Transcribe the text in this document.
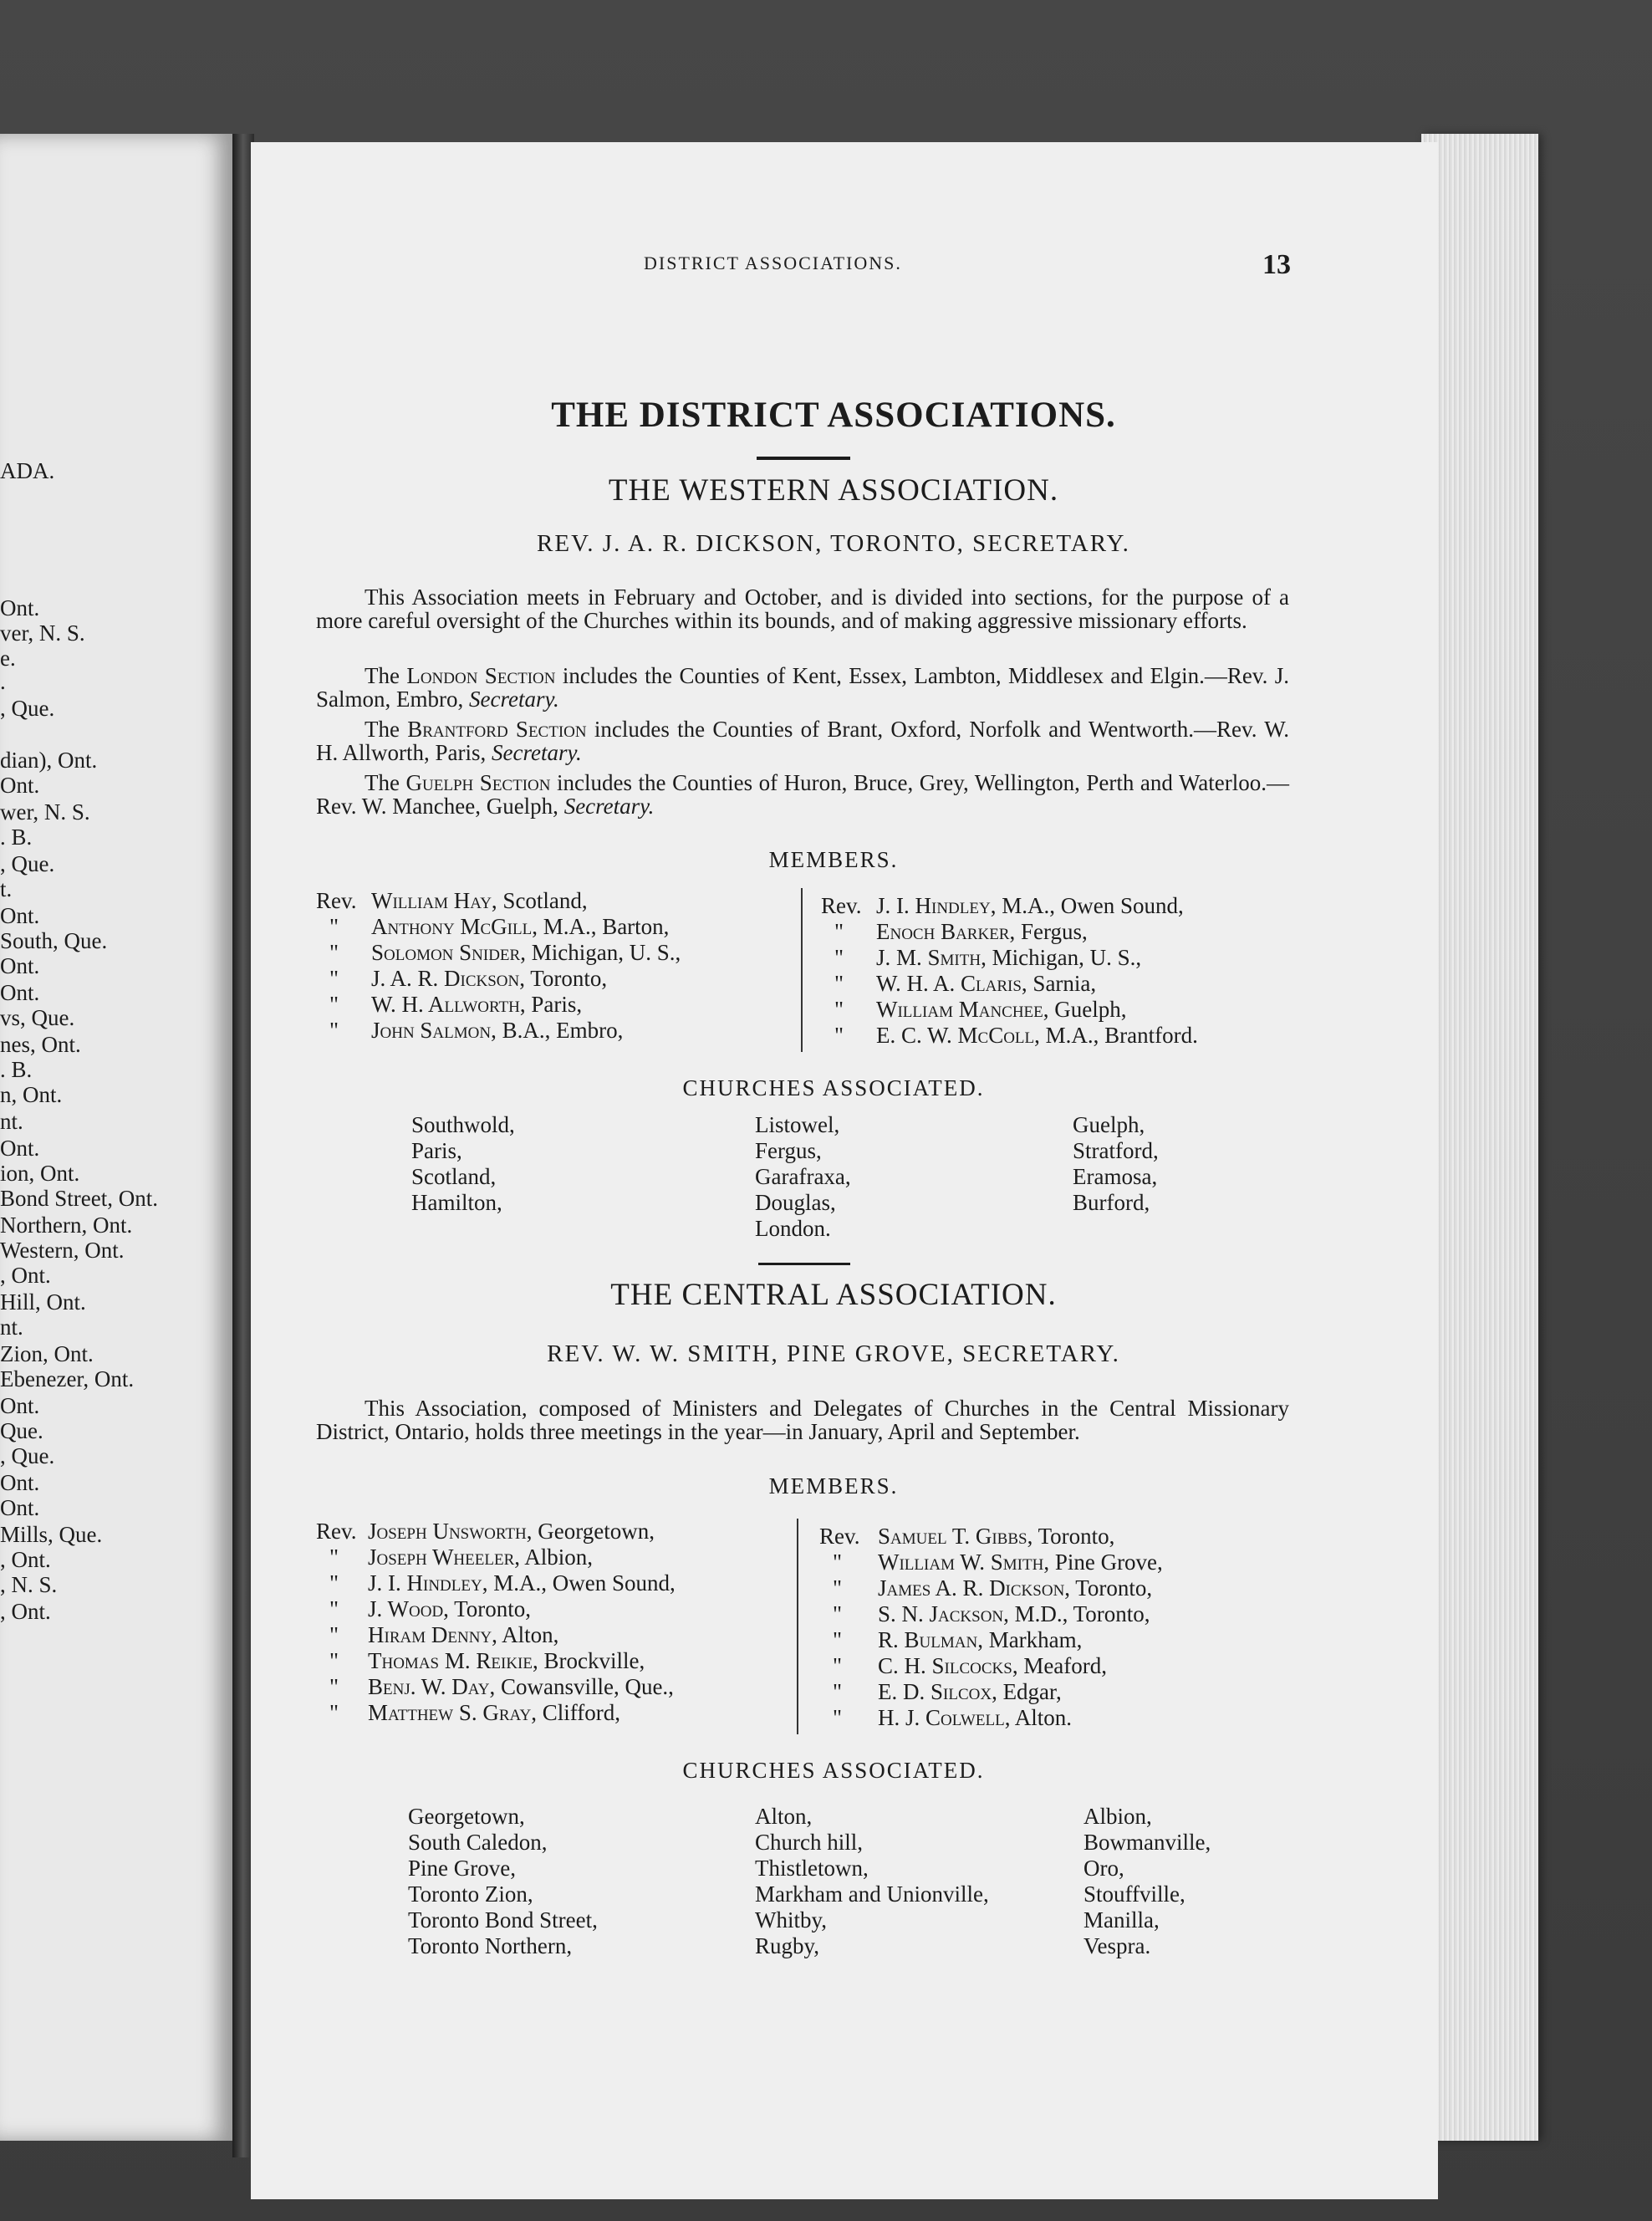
ADA.
Ont.
ver, N. S.
e.
.
, Que.
dian), Ont.
Ont.
wer, N. S.
. B.
, Que.
t.
Ont.
South, Que.
Ont.
Ont.
vs, Que.
nes, Ont.
. B.
n, Ont.
nt.
Ont.
ion, Ont.
Bond Street, Ont.
Northern, Ont.
Western, Ont.
, Ont.
Hill, Ont.
nt.
Zion, Ont.
Ebenezer, Ont.
Ont.
Que.
, Que.
Ont.
Ont.
Mills, Que.
, Ont.
, N. S.
, Ont.
DISTRICT ASSOCIATIONS.	13
THE DISTRICT ASSOCIATIONS.
THE WESTERN ASSOCIATION.
REV. J. A. R. DICKSON, TORONTO, SECRETARY.
This Association meets in February and October, and is divided into sections, for the purpose of a more careful oversight of the Churches within its bounds, and of making aggressive missionary efforts.
The London Section includes the Counties of Kent, Essex, Lambton, Middlesex and Elgin.—Rev. J. Salmon, Embro, Secretary.
The Brantford Section includes the Counties of Brant, Oxford, Norfolk and Wentworth.—Rev. W. H. Allworth, Paris, Secretary.
The Guelph Section includes the Counties of Huron, Bruce, Grey, Wellington, Perth and Waterloo.—Rev. W. Manchee, Guelph, Secretary.
MEMBERS.
Rev. William Hay, Scotland,
" Anthony McGill, M.A., Barton,
" Solomon Snider, Michigan, U. S.,
" J. A. R. Dickson, Toronto,
" W. H. Allworth, Paris,
" John Salmon, B.A., Embro,
Rev. J. I. Hindley, M.A., Owen Sound,
" Enoch Barker, Fergus,
" J. M. Smith, Michigan, U. S.,
" W. H. A. Claris, Sarnia,
" William Manchee, Guelph,
" E. C. W. McColl, M.A., Brantford.
CHURCHES ASSOCIATED.
Southwold,
Paris,
Scotland,
Hamilton,
Listowel,
Fergus,
Garafraxa,
Douglas,
London.
Guelph,
Stratford,
Eramosa,
Burford,
THE CENTRAL ASSOCIATION.
REV. W. W. SMITH, PINE GROVE, SECRETARY.
This Association, composed of Ministers and Delegates of Churches in the Central Missionary District, Ontario, holds three meetings in the year—in January, April and September.
MEMBERS.
Rev. Joseph Unsworth, Georgetown,
" Joseph Wheeler, Albion,
" J. I. Hindley, M.A., Owen Sound,
" J. Wood, Toronto,
" Hiram Denny, Alton,
" Thomas M. Reikie, Brockville,
" Benj. W. Day, Cowansville, Que.,
" Matthew S. Gray, Clifford,
Rev. Samuel T. Gibbs, Toronto,
" William W. Smith, Pine Grove,
" James A. R. Dickson, Toronto,
" S. N. Jackson, M.D., Toronto,
" R. Bulman, Markham,
" C. H. Silcocks, Meaford,
" E. D. Silcox, Edgar,
" H. J. Colwell, Alton.
CHURCHES ASSOCIATED.
Georgetown,
South Caledon,
Pine Grove,
Toronto Zion,
Toronto Bond Street,
Toronto Northern,
Alton,
Church hill,
Thistletown,
Markham and Unionville,
Whitby,
Rugby,
Albion,
Bowmanville,
Oro,
Stouffville,
Manilla,
Vespra.
